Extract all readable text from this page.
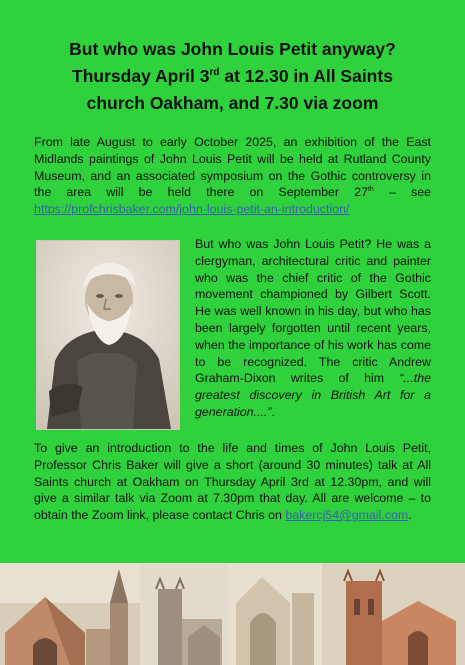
But who was John Louis Petit anyway?
Thursday April 3rd at 12.30 in All Saints
church Oakham, and 7.30 via zoom

From late August to early October 2025, an exhibition of the East Midlands paintings of John Louis Petit will be held at Rutland County Museum, and an associated symposium on the Gothic controversy in the area will be held there on September 27th – see https://profchrisbaker.com/john-louis-petit-an-introduction/

But who was John Louis Petit? He was a clergyman, architectural critic and painter who was the chief critic of the Gothic movement championed by Gilbert Scott. He was well known in his day, but who has been largely forgotten until recent years, when the importance of his work has come to be recognized. The critic Andrew Graham-Dixon writes of him “...the greatest discovery in British Art for a generation....”.

To give an introduction to the life and times of John Louis Petit, Professor Chris Baker will give a short (around 30 minutes) talk at All Saints church at Oakham on Thursday April 3rd at 12.30pm, and will give a similar talk via Zoom at 7.30pm that day. All are welcome – to obtain the Zoom link, please contact Chris on bakercj54@gmail.com.
